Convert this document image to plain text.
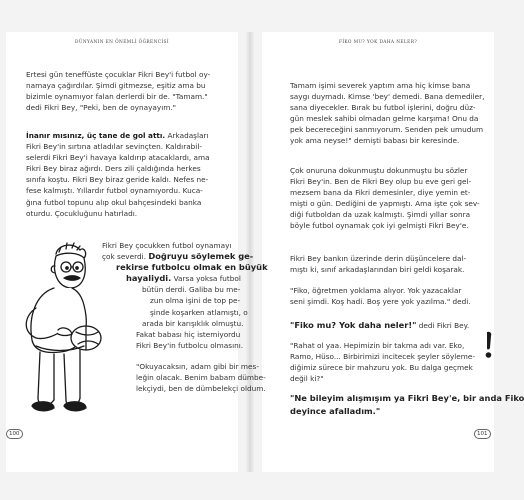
DÜNYANIN EN ÖNEMLİ ÖĞRENCİSİ
Ertesi gün teneffüste çocuklar Fikri Bey'i futbol oy-
namaya çağırdılar. Şimdi gitmezse, eşitiz ama bu
bizimle oynamıyor falan derlerdi bir de. "Tamam."
dedi Fikri Bey, "Peki, ben de oynayayım."
İnanır mısınız, üç tane de gol attı. Arkadaşları
Fikri Bey'in sırtına atladılar sevinçten. Kaldırabil-
selerdi Fikri Bey'i havaya kaldırıp atacaklardı, ama
Fikri Bey biraz ağırdı. Ders zili çaldığında herkes
sınıfa koştu. Fikri Bey biraz geride kaldı. Nefes ne-
fese kalmıştı. Yıllardır futbol oynamıyordu. Kuca-
ğına futbol topunu alıp okul bahçesindeki banka
oturdu. Çocukluğunu hatırladı.
Fikri Bey çocukken futbol oynamayı
çok severdi. Doğruyu söylemek ge-
rekirse futbolcu olmak en büyük
hayaliydi. Varsa yoksa futbol
bütün derdi. Galiba bu me-
zun olma işini de top pe-
şinde koşarken atlamıştı, o
arada bir karışıklık olmuştu.
Fakat babası hiç istemiyordu
Fikri Bey'in futbolcu olmasını.
"Okuyacaksın, adam gibi bir mes-
leğin olacak. Benim babam dümbe-
lekçiydi, ben de dümbelekçi oldum.
100
FİKO MU? YOK DAHA NELER?
Tamam işimi severek yaptım ama hiç kimse bana
saygı duymadı. Kimse 'bey' demedi. Bana demediler,
sana diyecekler. Bırak bu futbol işlerini, doğru düz-
gün meslek sahibi olmadan gelme karşıma! Onu da
pek becereceğini sanmıyorum. Senden pek umudum
yok ama neyse!" demişti babası bir keresinde.
Çok onuruna dokunmuştu dokunmuştu bu sözler
Fikri Bey'in. Ben de Fikri Bey olup bu eve geri gel-
mezsem bana da Fikri demesinler, diye yemin et-
mişti o gün. Dediğini de yapmıştı. Ama işte çok sev-
diği futboldan da uzak kalmıştı. Şimdi yıllar sonra
böyle futbol oynamak çok iyi gelmişti Fikri Bey'e.
Fikri Bey bankın üzerinde derin düşüncelere dal-
mıştı ki, sınıf arkadaşlarından biri geldi koşarak.
"Fiko, öğretmen yoklama alıyor. Yok yazacaklar
seni şimdi. Koş hadi. Boş yere yok yazılma." dedi.
"Fiko mu? Yok daha neler!" dedi Fikri Bey.
"Rahat ol yaa. Hepimizin bir takma adı var. Eko,
Ramo, Hüso... Birbirimizi incitecek şeyler söyleme-
diğimiz sürece bir mahzuru yok. Bu dalga geçmek
değil ki?"
"Ne bileyim alışmışım ya Fikri Bey'e, bir anda Fiko
deyince afalladım."
101
